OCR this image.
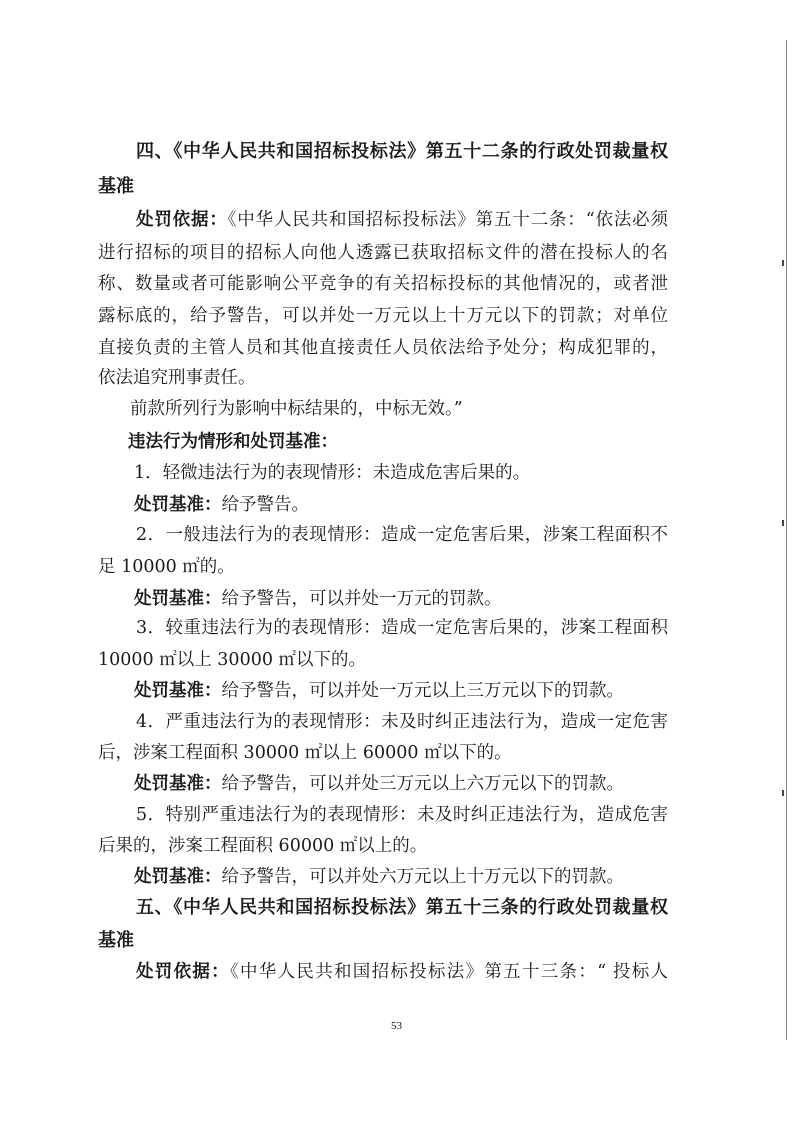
四、《中华人民共和国招标投标法》第五十二条的行政处罚裁量权
基准
处罚依据：《中华人民共和国招标投标法》第五十二条：“依法必须
进行招标的项目的招标人向他人透露已获取招标文件的潜在投标人的名
称、数量或者可能影响公平竞争的有关招标投标的其他情况的，或者泄
露标底的，给予警告，可以并处一万元以上十万元以下的罚款；对单位
直接负责的主管人员和其他直接责任人员依法给予处分；构成犯罪的，
依法追究刑事责任。
前款所列行为影响中标结果的，中标无效。”
违法行为情形和处罚基准：
1．轻微违法行为的表现情形：未造成危害后果的。
处罚基准：给予警告。
2．一般违法行为的表现情形：造成一定危害后果，涉案工程面积不
足 10000 ㎡的。
处罚基准：给予警告，可以并处一万元的罚款。
3．较重违法行为的表现情形：造成一定危害后果的，涉案工程面积
10000 ㎡以上 30000 ㎡以下的。
处罚基准：给予警告，可以并处一万元以上三万元以下的罚款。
4．严重违法行为的表现情形：未及时纠正违法行为，造成一定危害
后，涉案工程面积 30000 ㎡以上 60000 ㎡以下的。
处罚基准：给予警告，可以并处三万元以上六万元以下的罚款。
5．特别严重违法行为的表现情形：未及时纠正违法行为，造成危害
后果的，涉案工程面积 60000 ㎡以上的。
处罚基准：给予警告，可以并处六万元以上十万元以下的罚款。
五、《中华人民共和国招标投标法》第五十三条的行政处罚裁量权
基准
处罚依据：《中华人民共和国招标投标法》第五十三条：“ 投标人
53
